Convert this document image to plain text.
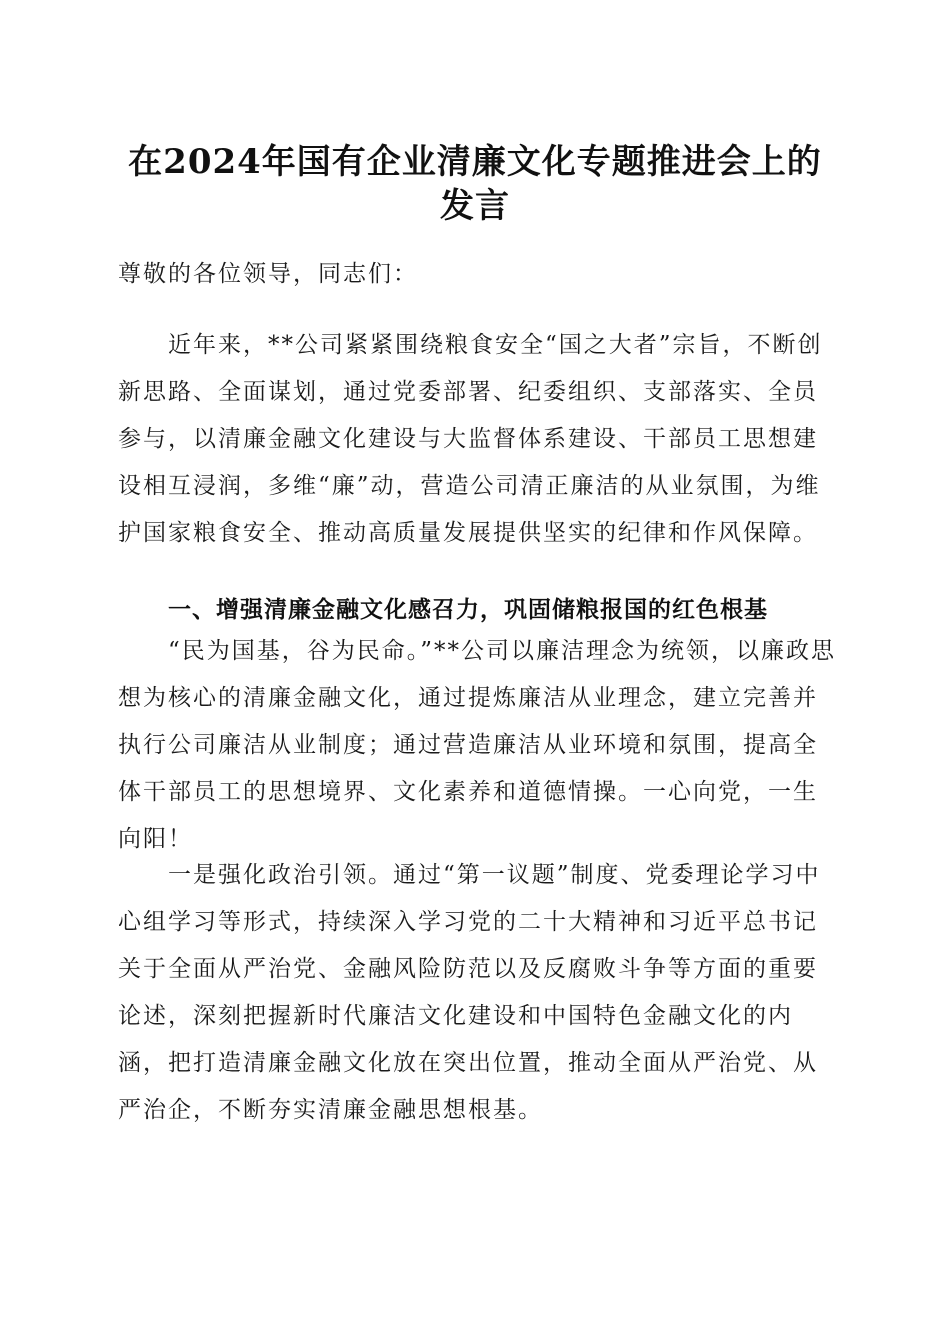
在2024年国有企业清廉文化专题推进会上的
发言

尊敬的各位领导，同志们：

近年来，**公司紧紧围绕粮食安全“国之大者”宗旨，不断创新思路、全面谋划，通过党委部署、纪委组织、支部落实、全员参与，以清廉金融文化建设与大监督体系建设、干部员工思想建设相互浸润，多维“廉”动，营造公司清正廉洁的从业氛围，为维护国家粮食安全、推动高质量发展提供坚实的纪律和作风保障。

一、增强清廉金融文化感召力，巩固储粮报国的红色根基

“民为国基，谷为民命。”**公司以廉洁理念为统领，以廉政思想为核心的清廉金融文化，通过提炼廉洁从业理念，建立完善并执行公司廉洁从业制度；通过营造廉洁从业环境和氛围，提高全体干部员工的思想境界、文化素养和道德情操。一心向党，一生向阳！

一是强化政治引领。通过“第一议题”制度、党委理论学习中心组学习等形式，持续深入学习党的二十大精神和习近平总书记关于全面从严治党、金融风险防范以及反腐败斗争等方面的重要论述，深刻把握新时代廉洁文化建设和中国特色金融文化的内涵，把打造清廉金融文化放在突出位置，推动全面从严治党、从严治企，不断夯实清廉金融思想根基。
